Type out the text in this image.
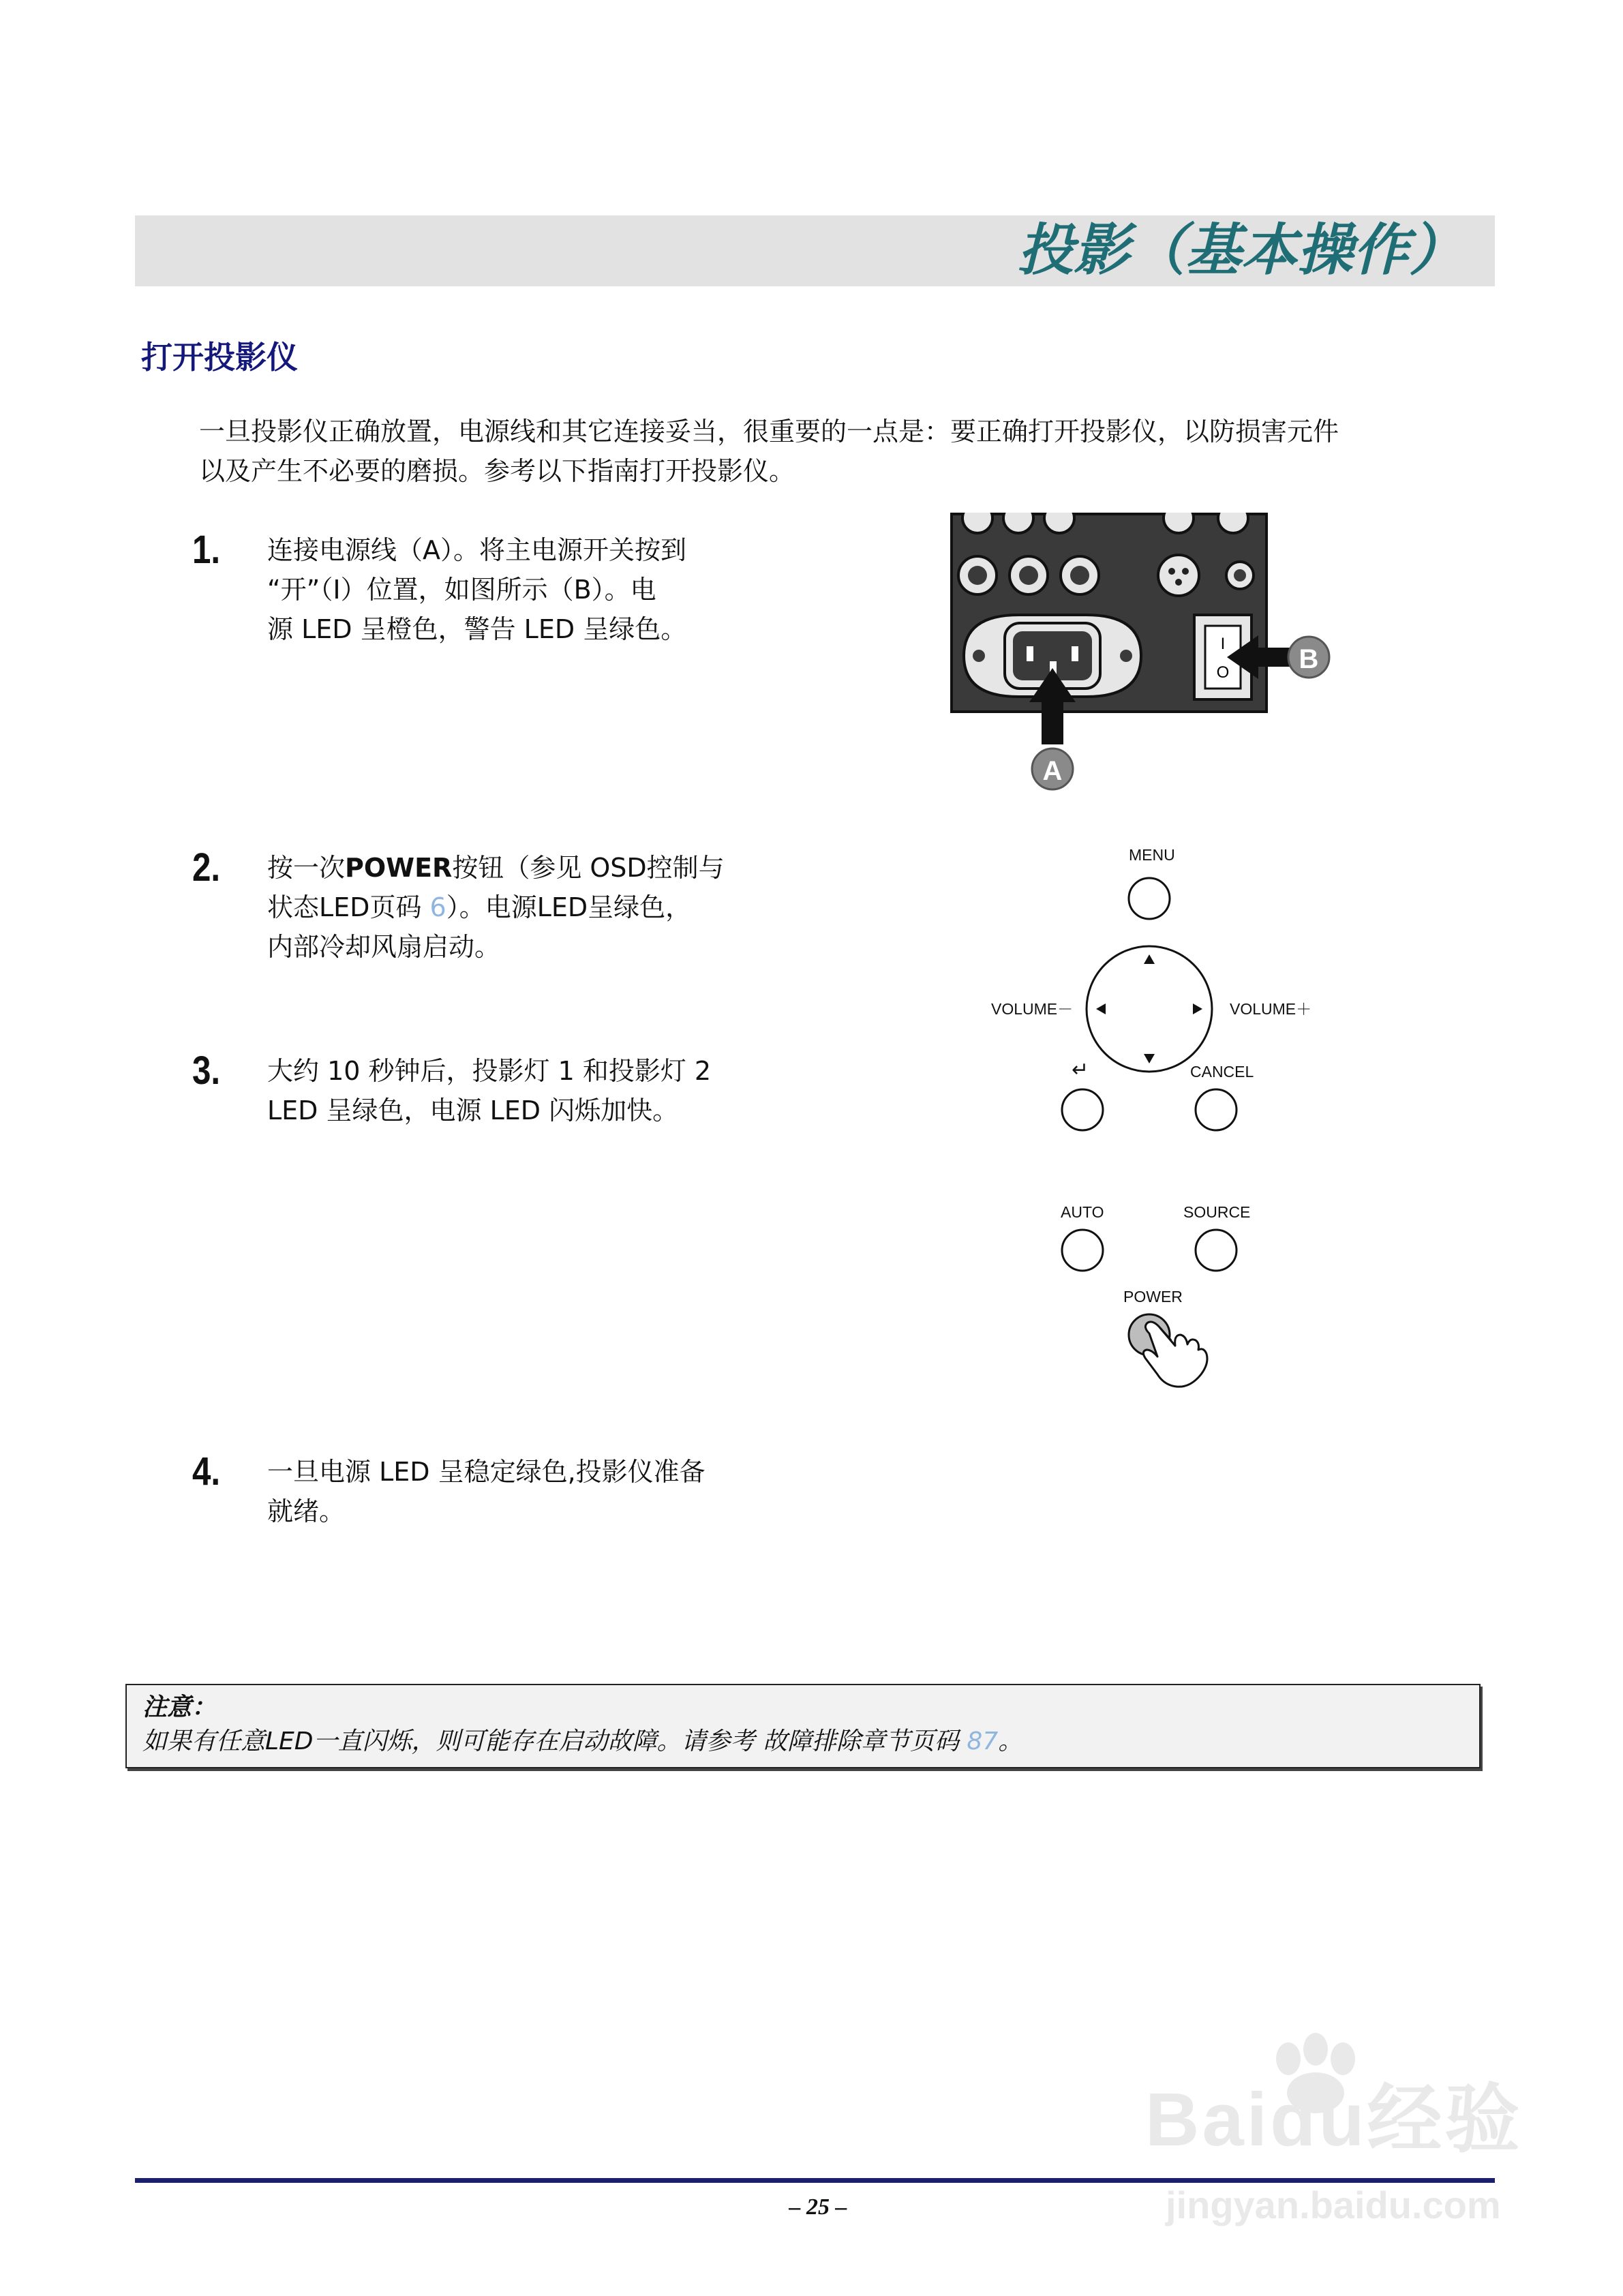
投影（基本操作）
打开投影仪
一旦投影仪正确放置，电源线和其它连接妥当，很重要的一点是：要正确打开投影仪，以防损害元件
以及产生不必要的磨损。参考以下指南打开投影仪。
1. 连接电源线（A）。将主电源开关按到
“开”（I）位置，如图所示（B）。电
源 LED 呈橙色，警告 LED 呈绿色。
2. 按一次POWER按钮（参见 OSD控制与
状态LED页码 6）。电源LED呈绿色，
内部冷却风扇启动。
3. 大约 10 秒钟后，投影灯 1 和投影灯 2
LED 呈绿色，电源 LED 闪烁加快。
4. 一旦电源 LED 呈稳定绿色,投影仪准备
就绪。
I
O
A
B
MENU
VOLUME－	VOLUME＋
↵	CANCEL
AUTO	SOURCE
POWER
注意：
如果有任意LED一直闪烁，则可能存在启动故障。请参考 故障排除章节页码 87。
– 25 –
Baidu经验
jingyan.baidu.com
